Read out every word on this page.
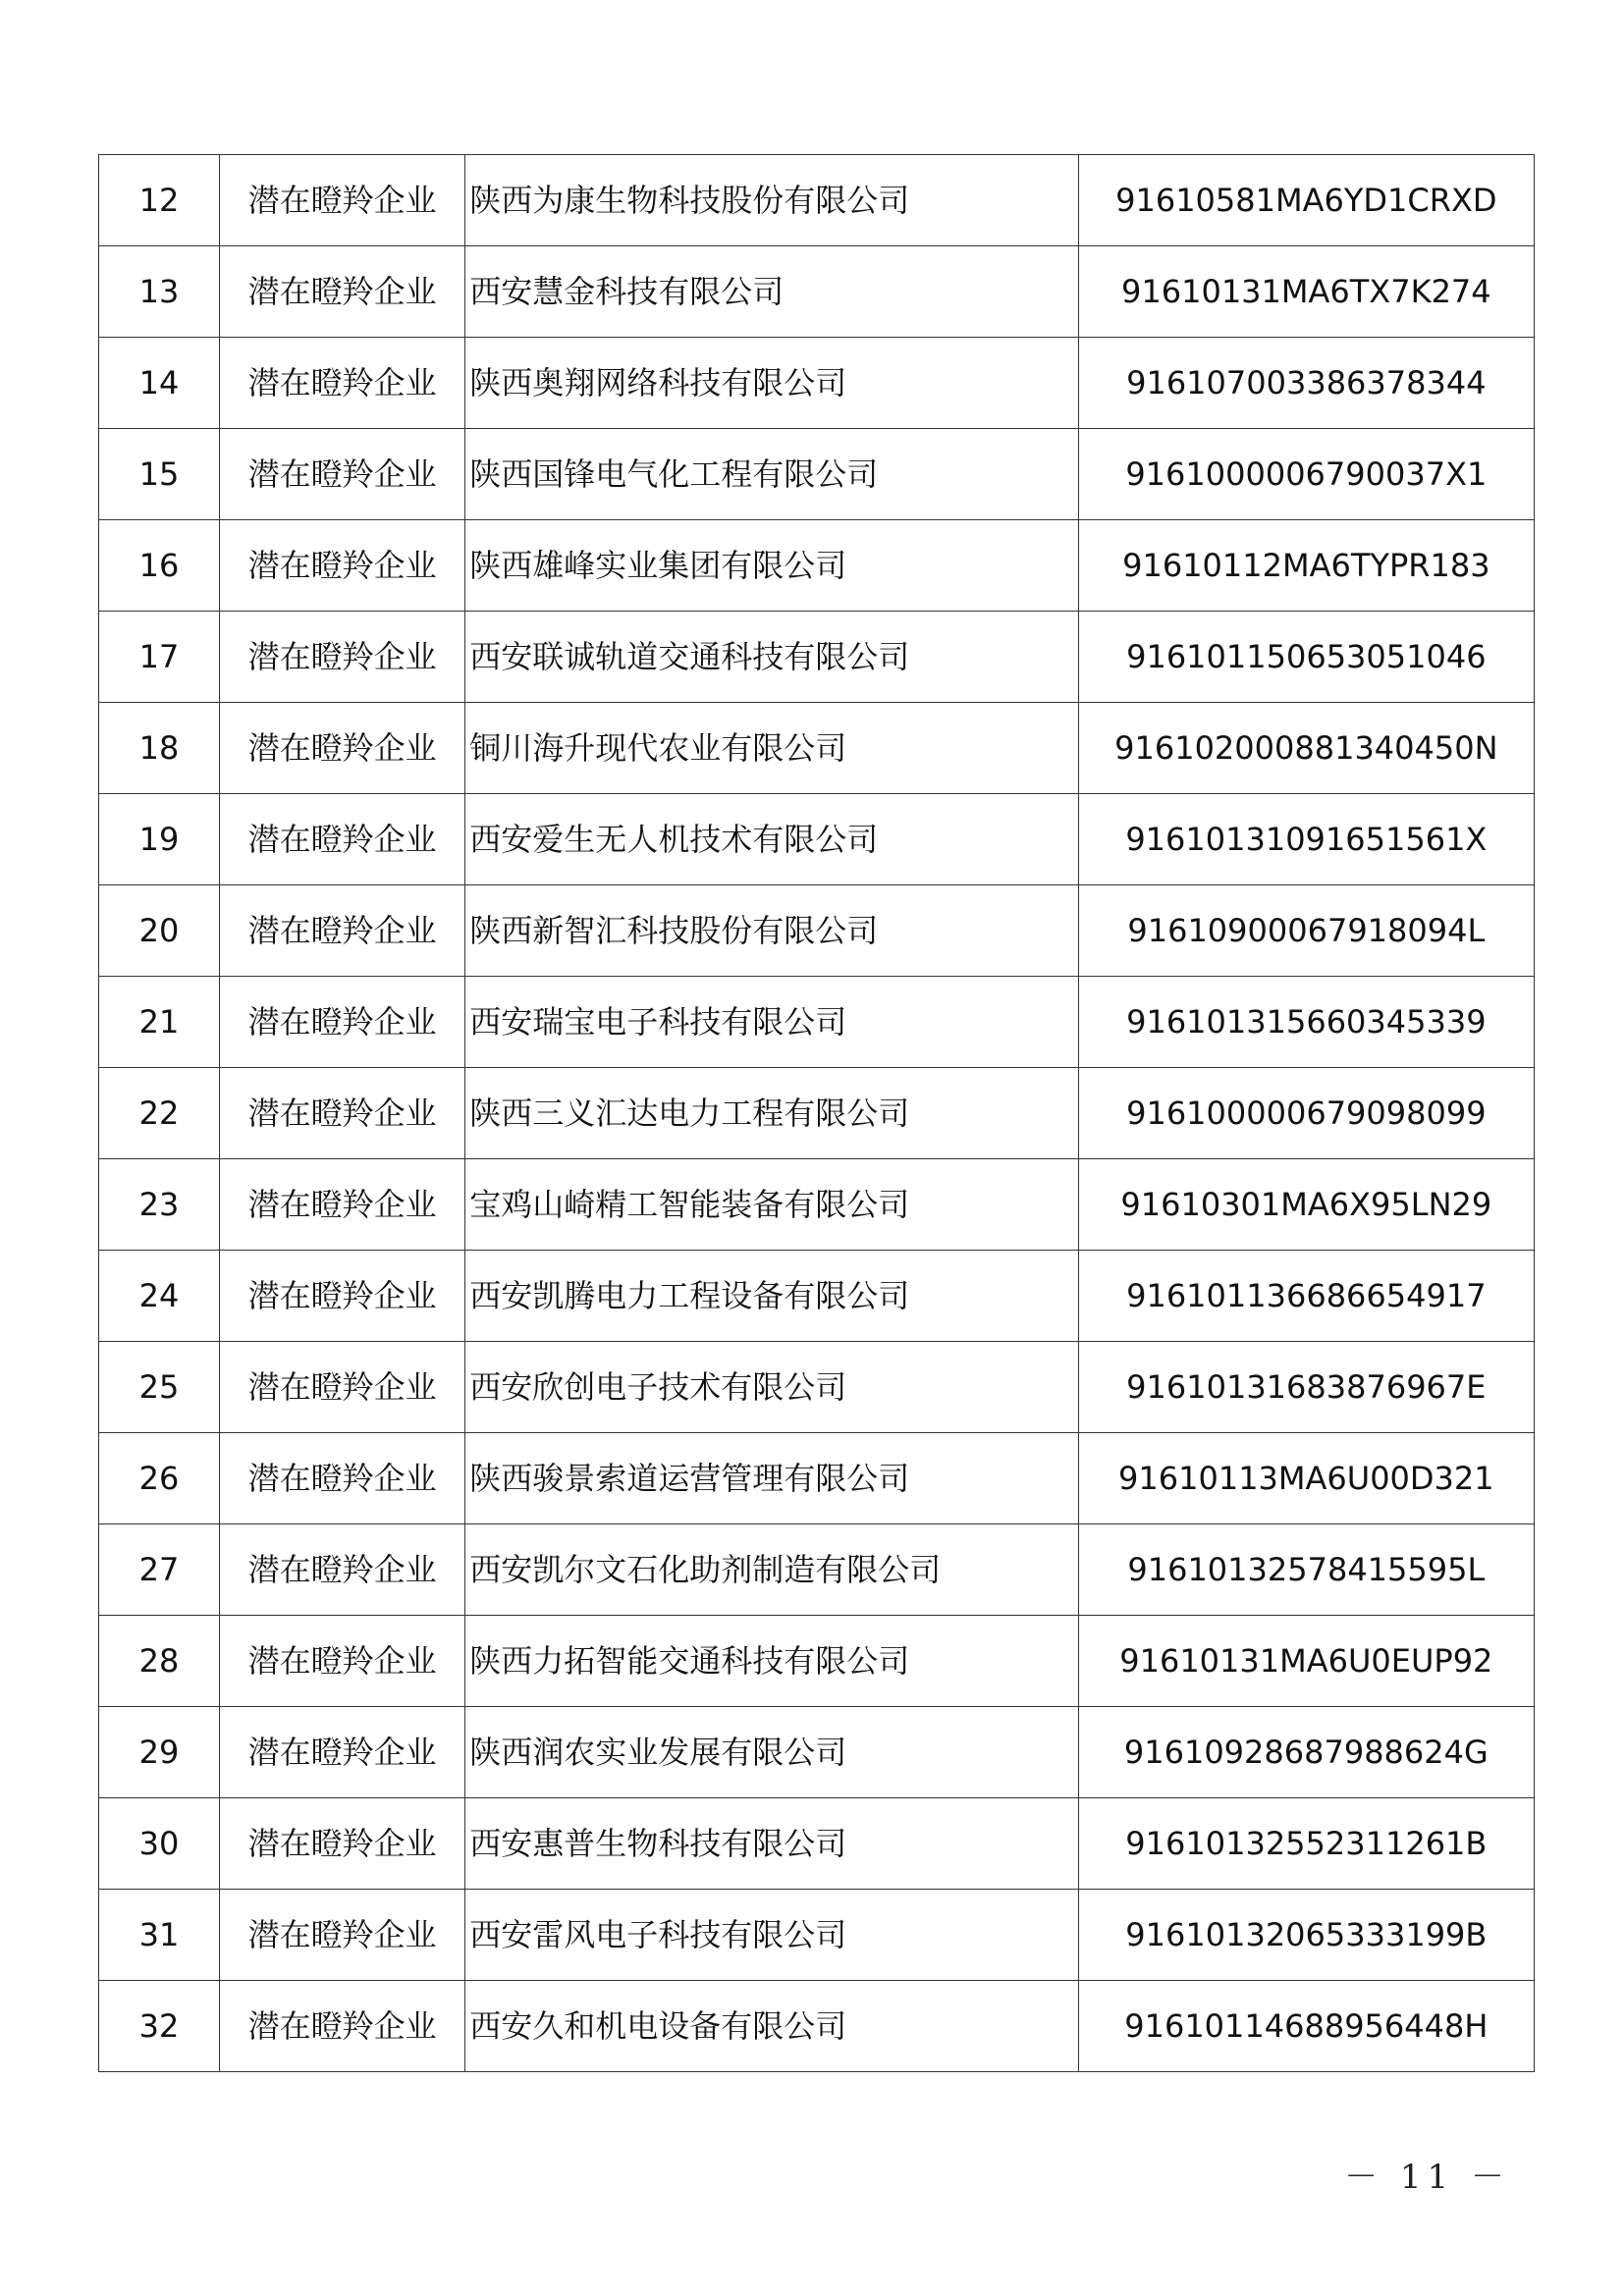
12	潜在瞪羚企业	陕西为康生物科技股份有限公司	91610581MA6YD1CRXD
13	潜在瞪羚企业	西安慧金科技有限公司	91610131MA6TX7K274
14	潜在瞪羚企业	陕西奥翔网络科技有限公司	916107003386378344
15	潜在瞪羚企业	陕西国锋电气化工程有限公司	9161000006790037X1
16	潜在瞪羚企业	陕西雄峰实业集团有限公司	91610112MA6TYPR183
17	潜在瞪羚企业	西安联诚轨道交通科技有限公司	916101150653051046
18	潜在瞪羚企业	铜川海升现代农业有限公司	916102000881340450N
19	潜在瞪羚企业	西安爱生无人机技术有限公司	91610131091651561X
20	潜在瞪羚企业	陕西新智汇科技股份有限公司	91610900067918094L
21	潜在瞪羚企业	西安瑞宝电子科技有限公司	916101315660345339
22	潜在瞪羚企业	陕西三义汇达电力工程有限公司	916100000679098099
23	潜在瞪羚企业	宝鸡山崎精工智能装备有限公司	91610301MA6X95LN29
24	潜在瞪羚企业	西安凯腾电力工程设备有限公司	916101136686654917
25	潜在瞪羚企业	西安欣创电子技术有限公司	91610131683876967E
26	潜在瞪羚企业	陕西骏景索道运营管理有限公司	91610113MA6U00D321
27	潜在瞪羚企业	西安凯尔文石化助剂制造有限公司	91610132578415595L
28	潜在瞪羚企业	陕西力拓智能交通科技有限公司	91610131MA6U0EUP92
29	潜在瞪羚企业	陕西润农实业发展有限公司	91610928687988624G
30	潜在瞪羚企业	西安惠普生物科技有限公司	91610132552311261B
31	潜在瞪羚企业	西安雷风电子科技有限公司	91610132065333199B
32	潜在瞪羚企业	西安久和机电设备有限公司	91610114688956448H
－ 11 －
